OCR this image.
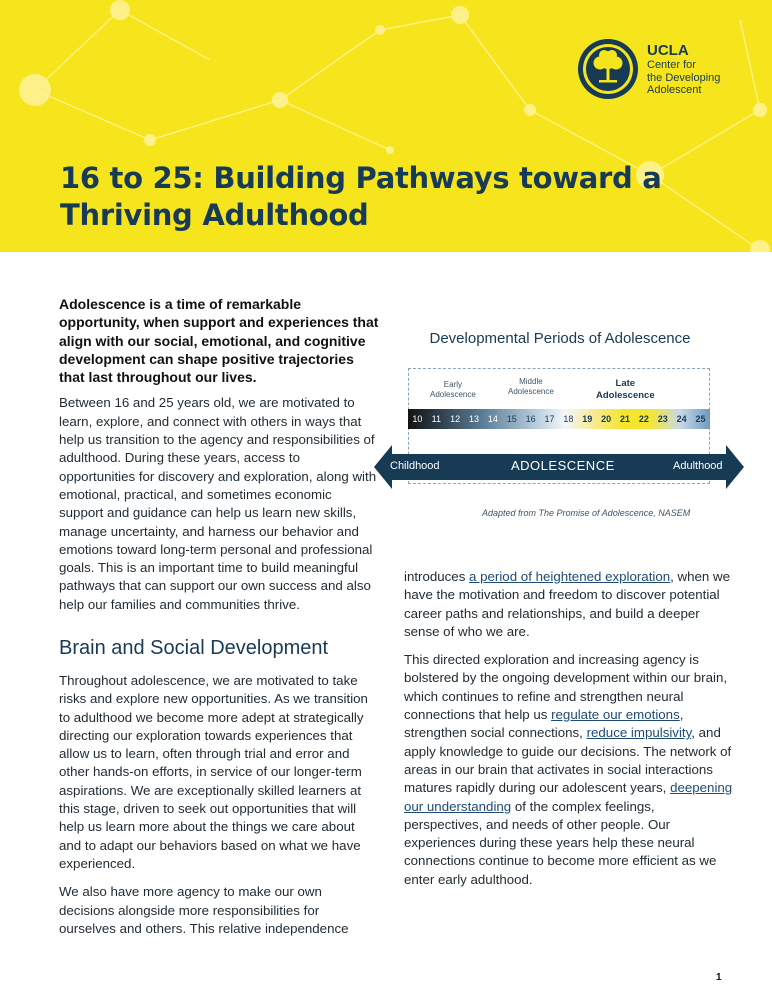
UCLA
Center for
the Developing
Adolescent
16 to 25: Building Pathways toward a Thriving Adulthood

Adolescence is a time of remarkable opportunity, when support and experiences that align with our social, emotional, and cognitive development can shape positive trajectories that last throughout our lives.

Between 16 and 25 years old, we are motivated to learn, explore, and connect with others in ways that help us transition to the agency and responsibilities of adulthood. During these years, access to opportunities for discovery and exploration, along with emotional, practical, and sometimes economic support and guidance can help us learn new skills, manage uncertainty, and harness our behavior and emotions toward long-term personal and professional goals. This is an important time to build meaningful pathways that can support our own success and also help our families and communities thrive.

Brain and Social Development

Throughout adolescence, we are motivated to take risks and explore new opportunities. As we transition to adulthood we become more adept at strategically directing our exploration towards experiences that allow us to learn, often through trial and error and other hands-on efforts, in service of our longer-term aspirations. We are exceptionally skilled learners at this stage, driven to seek out opportunities that will help us learn more about the things we care about and to adapt our behaviors based on what we have experienced.

We also have more agency to make our own decisions alongside more responsibilities for ourselves and others. This relative independence

Developmental Periods of Adolescence
Early
Adolescence
Middle
Adolescence
Late
Adolescence
10	11	12 13 14 15 16 17 18 19 20 21 22 23 24 25
Childhood	ADOLESCENCE	Adulthood
Adapted from The Promise of Adolescence, NASEM

introduces a period of heightened exploration, when we have the motivation and freedom to discover potential career paths and relationships, and build a deeper sense of who we are.

This directed exploration and increasing agency is bolstered by the ongoing development within our brain, which continues to refine and strengthen neural connections that help us regulate our emotions, strengthen social connections, reduce impulsivity, and apply knowledge to guide our decisions. The network of areas in our brain that activates in social interactions matures rapidly during our adolescent years, deepening our understanding of the complex feelings, perspectives, and needs of other people. Our experiences during these years help these neural connections continue to become more efficient as we enter early adulthood.

1
